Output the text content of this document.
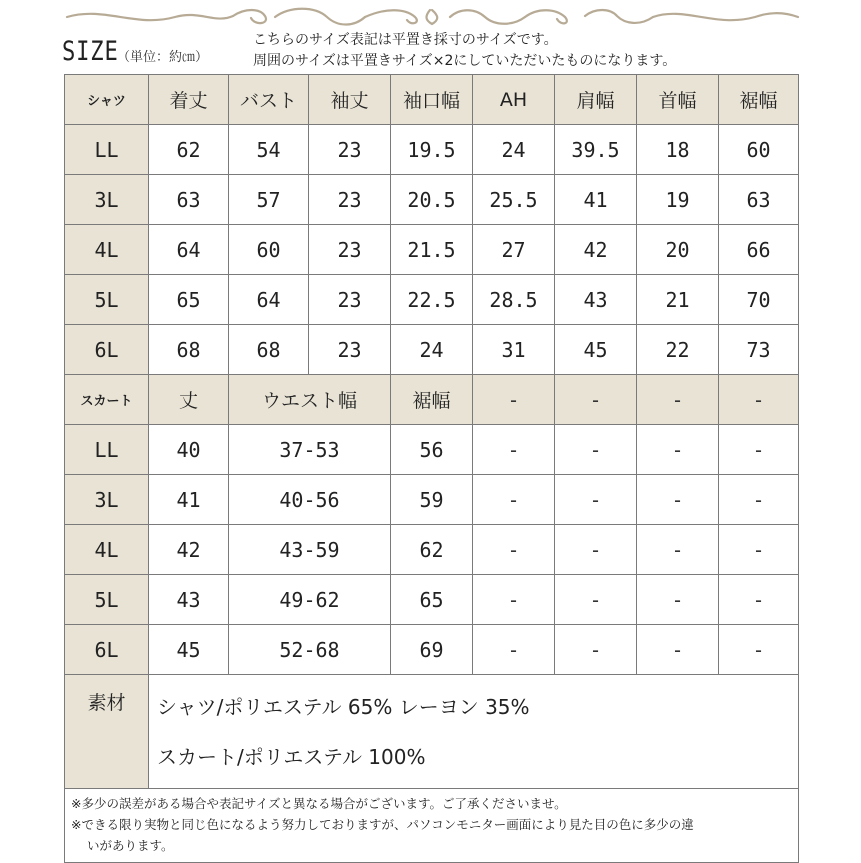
SIZE
（単位：約㎝）
こちらのサイズ表記は平置き採寸のサイズです。
周囲のサイズは平置きサイズ×2にしていただいたものになります。
シャツ	着丈	バスト	袖丈	袖口幅	AH	肩幅	首幅	裾幅
LL	62	54	23	19.5	24	39.5	18	60
3L	63	57	23	20.5	25.5	41	19	63
4L	64	60	23	21.5	27	42	20	66
5L	65	64	23	22.5	28.5	43	21	70
6L	68	68	23	24	31	45	22	73
スカート	丈	ウエスト幅		裾幅	-	-	-	-
LL	40	37-53		56	-	-	-	-
3L	41	40-56		59	-	-	-	-
4L	42	43-59		62	-	-	-	-
5L	43	49-62		65	-	-	-	-
6L	45	52-68		69	-	-	-	-
素材	シャツ/ポリエステル 65% レーヨン 35%
スカート/ポリエステル 100%							

※多少の誤差がある場合や表記サイズと異なる場合がございます。ご了承くださいませ。
※できる限り実物と同じ色になるよう努力しておりますが、パソコンモニター画面により見た目の色に多少の違
いがあります。								
